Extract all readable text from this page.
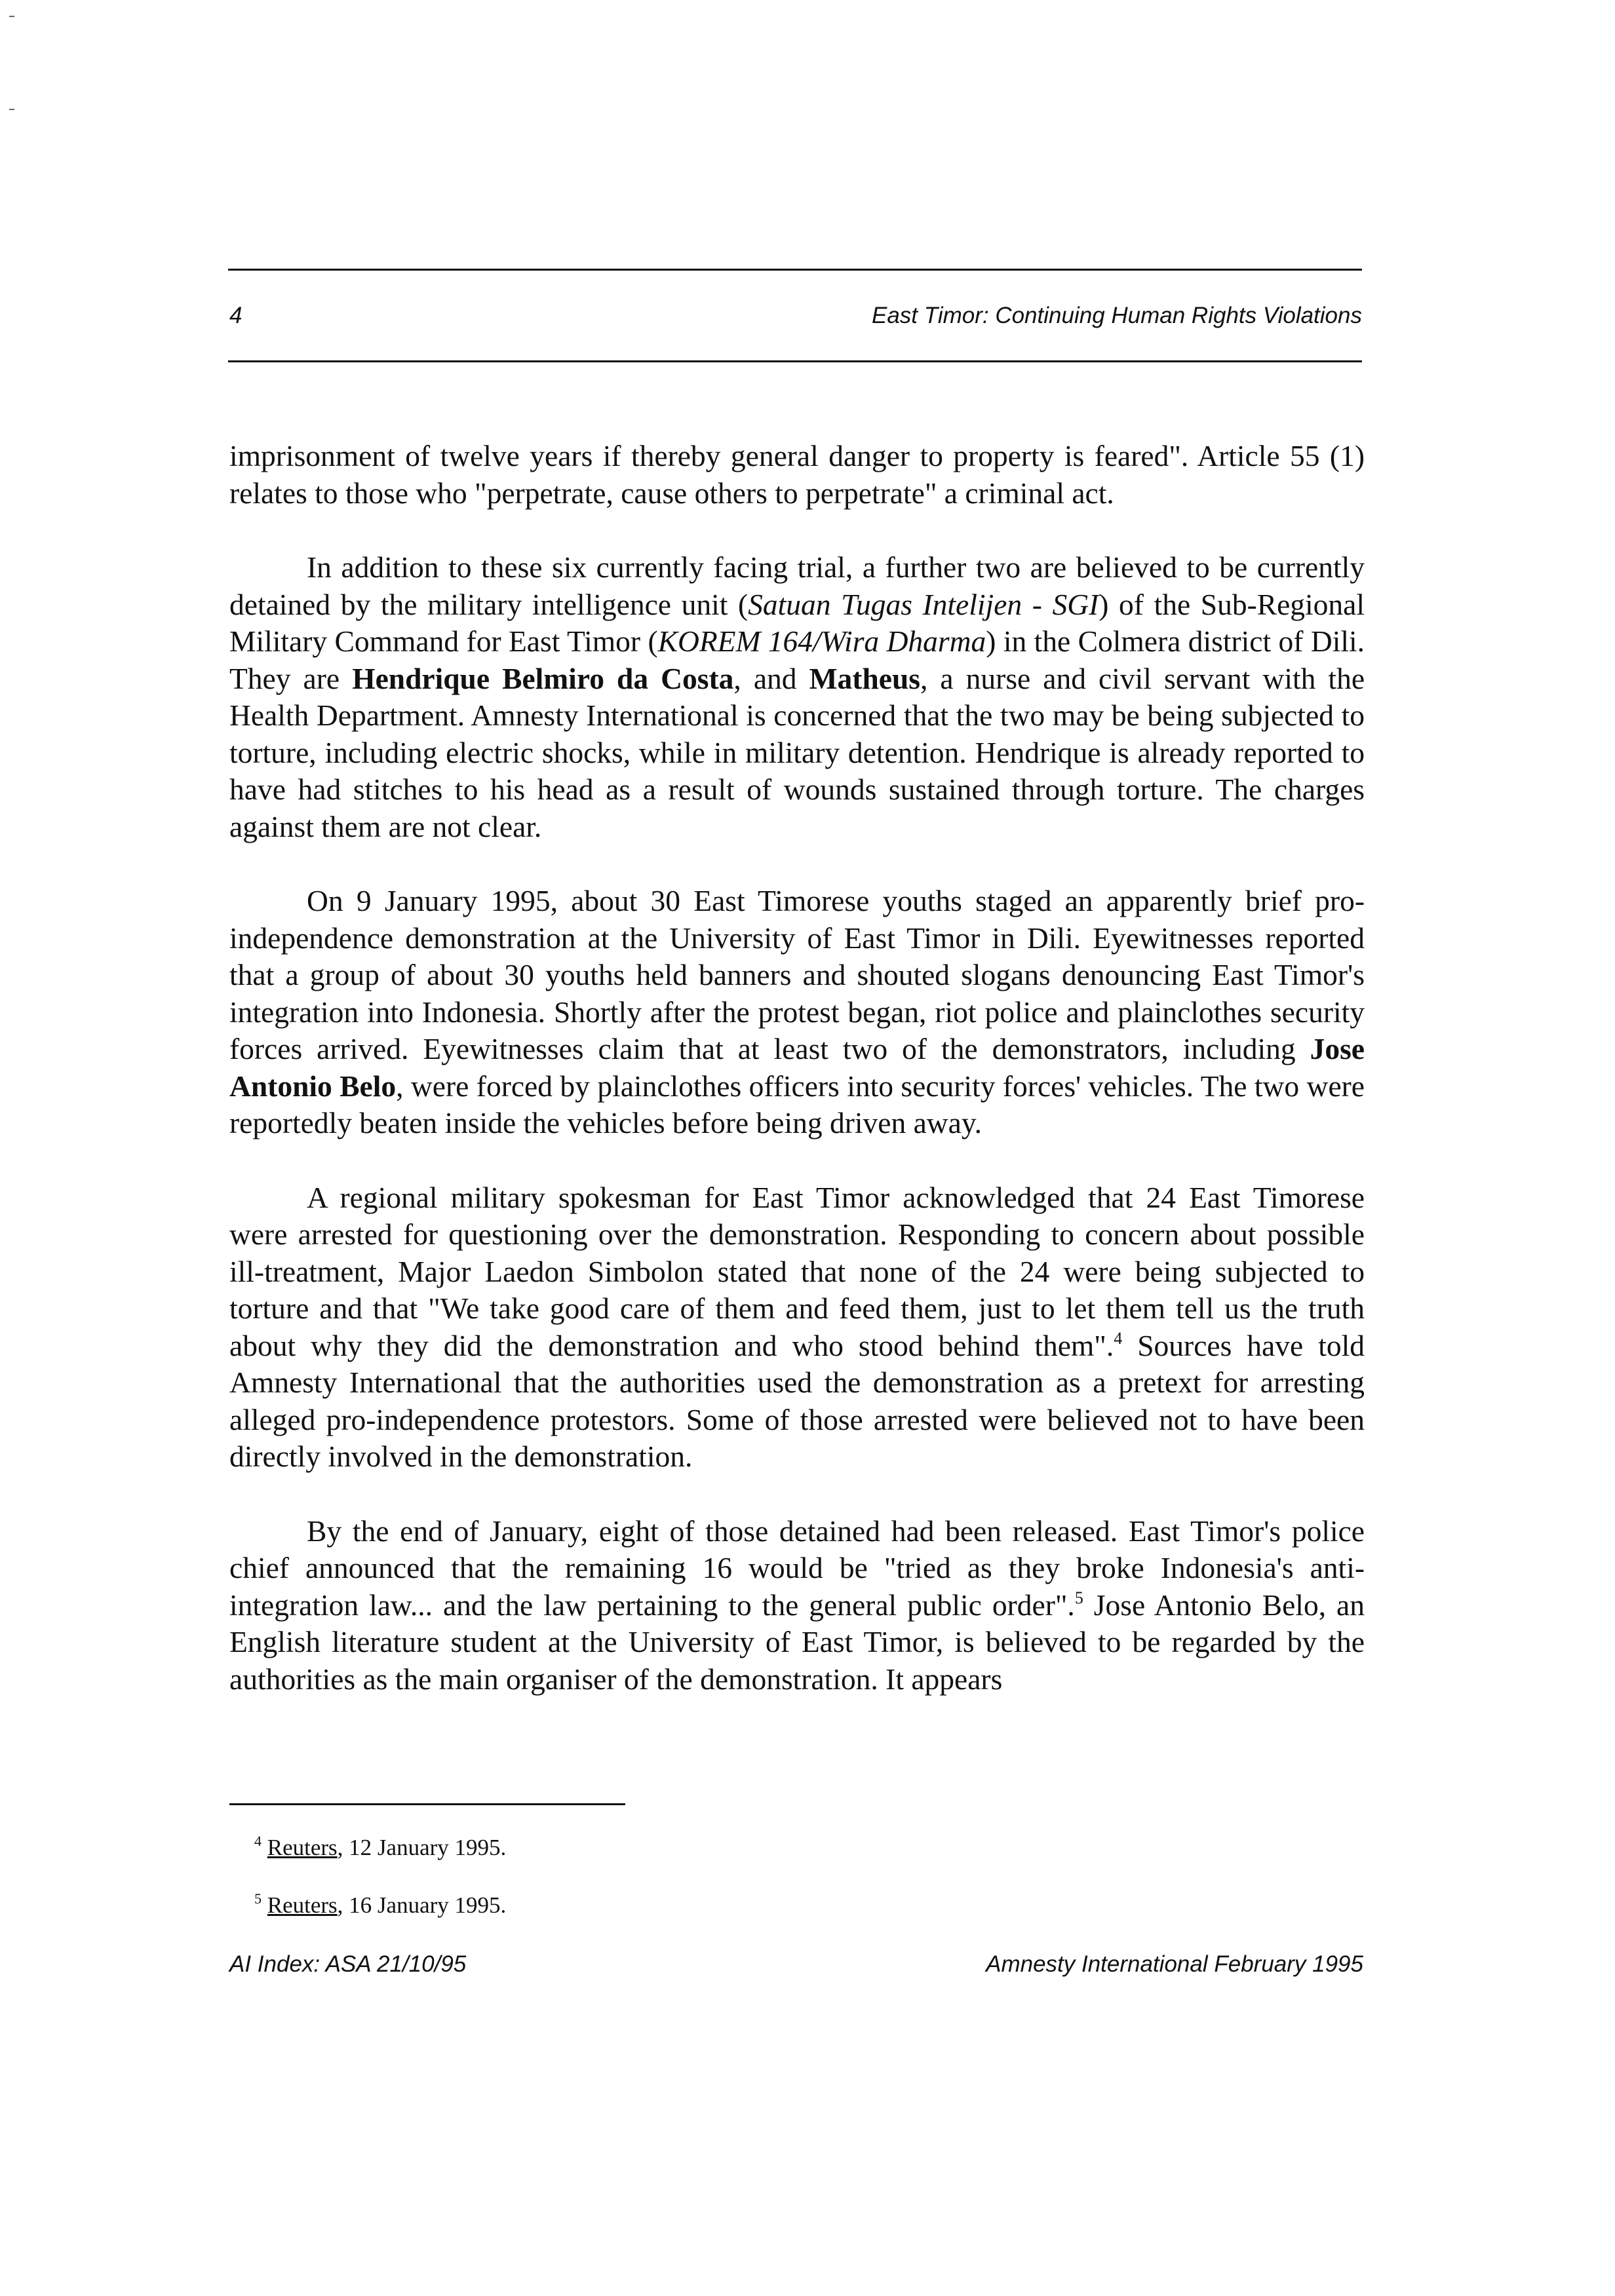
4	East Timor: Continuing Human Rights Violations

imprisonment of twelve years if thereby general danger to property is feared". Article 55 (1) relates to those who "perpetrate, cause others to perpetrate" a criminal act.

In addition to these six currently facing trial, a further two are believed to be currently detained by the military intelligence unit (Satuan Tugas Intelijen - SGI) of the Sub-Regional Military Command for East Timor (KOREM 164/Wira Dharma) in the Colmera district of Dili. They are Hendrique Belmiro da Costa, and Matheus, a nurse and civil servant with the Health Department. Amnesty International is concerned that the two may be being subjected to torture, including electric shocks, while in military detention. Hendrique is already reported to have had stitches to his head as a result of wounds sustained through torture. The charges against them are not clear.

On 9 January 1995, about 30 East Timorese youths staged an apparently brief pro-independence demonstration at the University of East Timor in Dili. Eyewitnesses reported that a group of about 30 youths held banners and shouted slogans denouncing East Timor's integration into Indonesia. Shortly after the protest began, riot police and plainclothes security forces arrived. Eyewitnesses claim that at least two of the demonstrators, including Jose Antonio Belo, were forced by plainclothes officers into security forces' vehicles. The two were reportedly beaten inside the vehicles before being driven away.

A regional military spokesman for East Timor acknowledged that 24 East Timorese were arrested for questioning over the demonstration. Responding to concern about possible ill-treatment, Major Laedon Simbolon stated that none of the 24 were being subjected to torture and that "We take good care of them and feed them, just to let them tell us the truth about why they did the demonstration and who stood behind them".$^4$ Sources have told Amnesty International that the authorities used the demonstration as a pretext for arresting alleged pro-independence protestors. Some of those arrested were believed not to have been directly involved in the demonstration.

By the end of January, eight of those detained had been released. East Timor's police chief announced that the remaining 16 would be "tried as they broke Indonesia's anti-integration law... and the law pertaining to the general public order".$^5$ Jose Antonio Belo, an English literature student at the University of East Timor, is believed to be regarded by the authorities as the main organiser of the demonstration. It appears

$^4$ Reuters, 12 January 1995.
$^5$ Reuters, 16 January 1995.
AI Index: ASA 21/10/95	Amnesty International February 1995
